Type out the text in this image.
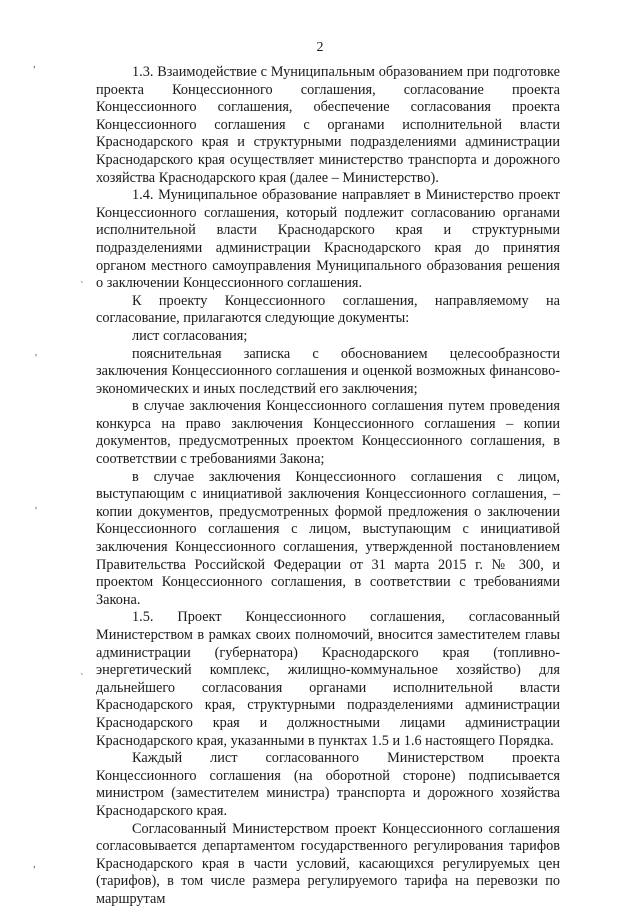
2

1.3. Взаимодействие с Муниципальным образованием при подготовке проекта Концессионного соглашения, согласование проекта Концессионного соглашения, обеспечение согласования проекта Концессионного соглашения с органами исполнительной власти Краснодарского края и структурными подразделениями администрации Краснодарского края осуществляет министерство транспорта и дорожного хозяйства Краснодарского края (далее – Министерство).

1.4. Муниципальное образование направляет в Министерство проект Концессионного соглашения, который подлежит согласованию органами исполнительной власти Краснодарского края и структурными подразделениями администрации Краснодарского края до принятия органом местного самоуправления Муниципального образования решения о заключении Концессионного соглашения.

К проекту Концессионного соглашения, направляемому на согласование, прилагаются следующие документы:

лист согласования;

пояснительная записка с обоснованием целесообразности заключения Концессионного соглашения и оценкой возможных финансово-экономических и иных последствий его заключения;

в случае заключения Концессионного соглашения путем проведения конкурса на право заключения Концессионного соглашения – копии документов, предусмотренных проектом Концессионного соглашения, в соответствии с требованиями Закона;

в случае заключения Концессионного соглашения с лицом, выступающим с инициативой заключения Концессионного соглашения, – копии документов, предусмотренных формой предложения о заключении Концессионного соглашения с лицом, выступающим с инициативой заключения Концессионного соглашения, утвержденной постановлением Правительства Российской Федерации от 31 марта 2015 г. № 300, и проектом Концессионного соглашения, в соответствии с требованиями Закона.

1.5. Проект Концессионного соглашения, согласованный Министерством в рамках своих полномочий, вносится заместителем главы администрации (губернатора) Краснодарского края (топливно-энергетический комплекс, жилищно-коммунальное хозяйство) для дальнейшего согласования органами исполнительной власти Краснодарского края, структурными подразделениями администрации Краснодарского края и должностными лицами администрации Краснодарского края, указанными в пунктах 1.5 и 1.6 настоящего Порядка.

Каждый лист согласованного Министерством проекта Концессионного соглашения (на оборотной стороне) подписывается министром (заместителем министра) транспорта и дорожного хозяйства Краснодарского края.

Согласованный Министерством проект Концессионного соглашения согласовывается департаментом государственного регулирования тарифов Краснодарского края в части условий, касающихся регулируемых цен (тарифов), в том числе размера регулируемого тарифа на перевозки по маршрутам

,
`
'
'
`
,
